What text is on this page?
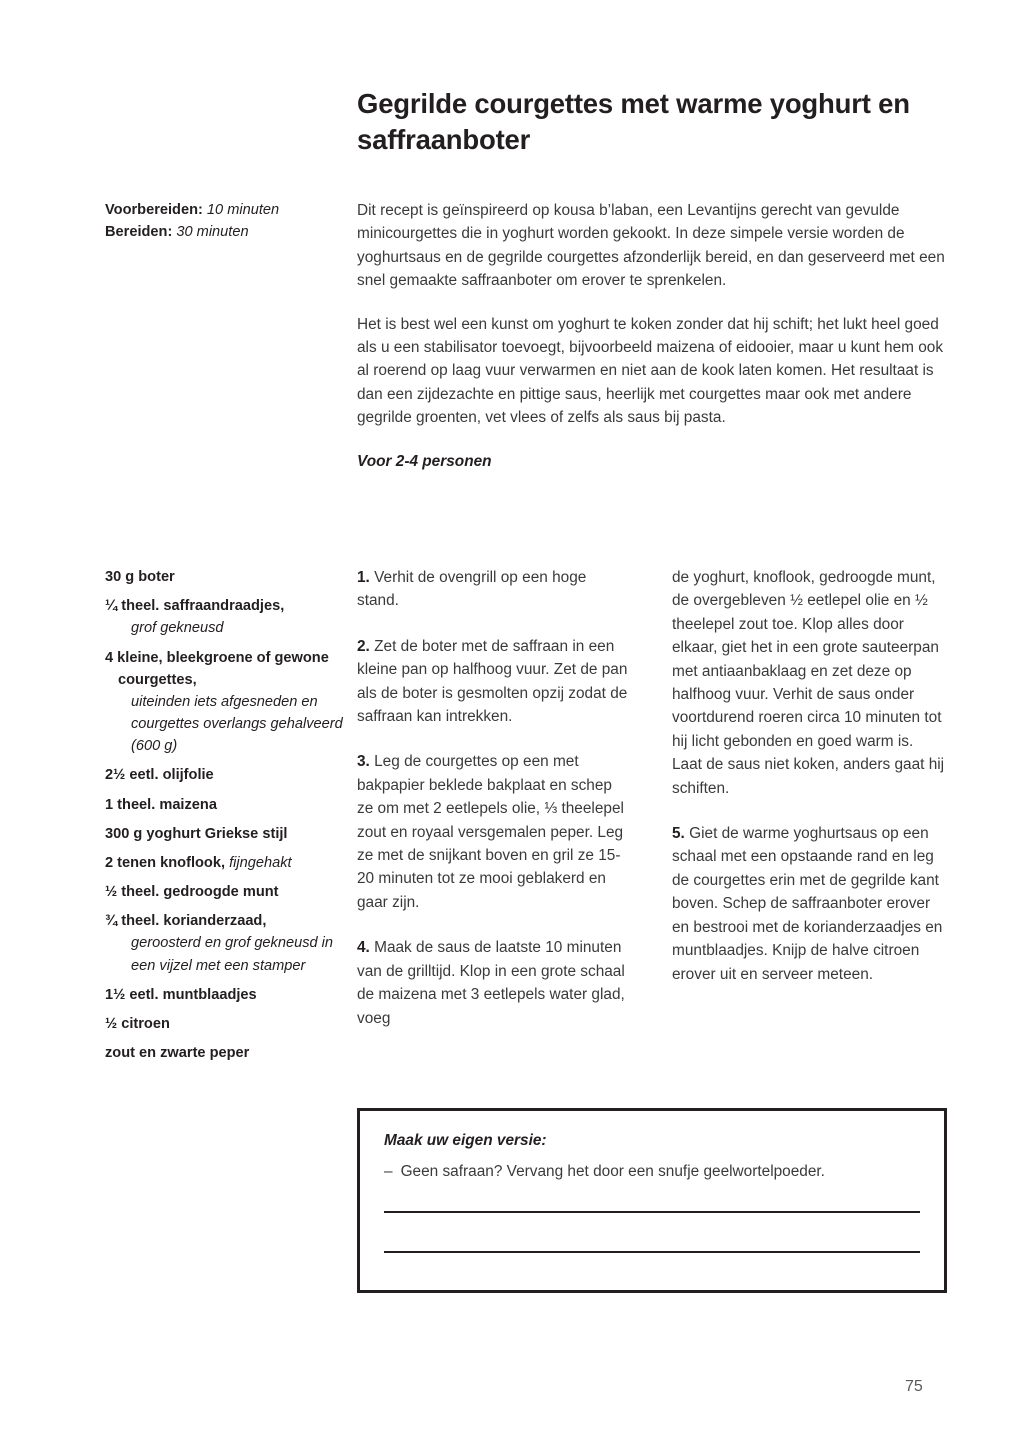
Gegrilde courgettes met warme yoghurt en saffraanboter
Voorbereiden: 10 minuten
Bereiden: 30 minuten

Dit recept is geïnspireerd op kousa b’laban, een Levantijns gerecht van gevulde minicourgettes die in yoghurt worden gekookt. In deze simpele versie worden de yoghurtsaus en de gegrilde courgettes afzonderlijk bereid, en dan geserveerd met een snel gemaakte saffraanboter om erover te sprenkelen.

Het is best wel een kunst om yoghurt te koken zonder dat hij schift; het lukt heel goed als u een stabilisator toevoegt, bijvoorbeeld maizena of eidooier, maar u kunt hem ook al roerend op laag vuur verwarmen en niet aan de kook laten komen. Het resultaat is dan een zijdezachte en pittige saus, heerlijk met courgettes maar ook met andere gegrilde groenten, vet vlees of zelfs als saus bij pasta.

Voor 2-4 personen

30 g boter
¼ theel. saffraandraadjes,
grof gekneusd
4 kleine, bleekgroene of gewone courgettes,
uiteinden iets afgesneden en courgettes overlangs gehalveerd (600 g)
2½ eetl. olijfolie
1 theel. maizena
300 g yoghurt Griekse stijl
2 tenen knoflook, fijngehakt
½ theel. gedroogde munt
¾ theel. korianderzaad,
geroosterd en grof gekneusd in een vijzel met een stamper
1½ eetl. muntblaadjes
½ citroen
zout en zwarte peper

1. Verhit de ovengrill op een hoge stand.

2. Zet de boter met de saffraan in een kleine pan op halfhoog vuur. Zet de pan als de boter is gesmolten opzij zodat de saffraan kan intrekken.

3. Leg de courgettes op een met bakpapier beklede bakplaat en schep ze om met 2 eetlepels olie, ⅓ theelepel zout en royaal versgemalen peper. Leg ze met de snijkant boven en gril ze 15-20 minuten tot ze mooi geblakerd en gaar zijn.

4. Maak de saus de laatste 10 minuten van de grilltijd. Klop in een grote schaal de maizena met 3 eetlepels water glad, voeg

de yoghurt, knoflook, gedroogde munt, de overgebleven ½ eetlepel olie en ½ theelepel zout toe. Klop alles door elkaar, giet het in een grote sauteerpan met antiaanbaklaag en zet deze op halfhoog vuur. Verhit de saus onder voortdurend roeren circa 10 minuten tot hij licht gebonden en goed warm is. Laat de saus niet koken, anders gaat hij schiften.

5. Giet de warme yoghurtsaus op een schaal met een opstaande rand en leg de courgettes erin met de gegrilde kant boven. Schep de saffraanboter erover en bestrooi met de korianderzaadjes en muntblaadjes. Knijp de halve citroen erover uit en serveer meteen.

Maak uw eigen versie:
– Geen safraan? Vervang het door een snufje geelwortelpoeder.
75
